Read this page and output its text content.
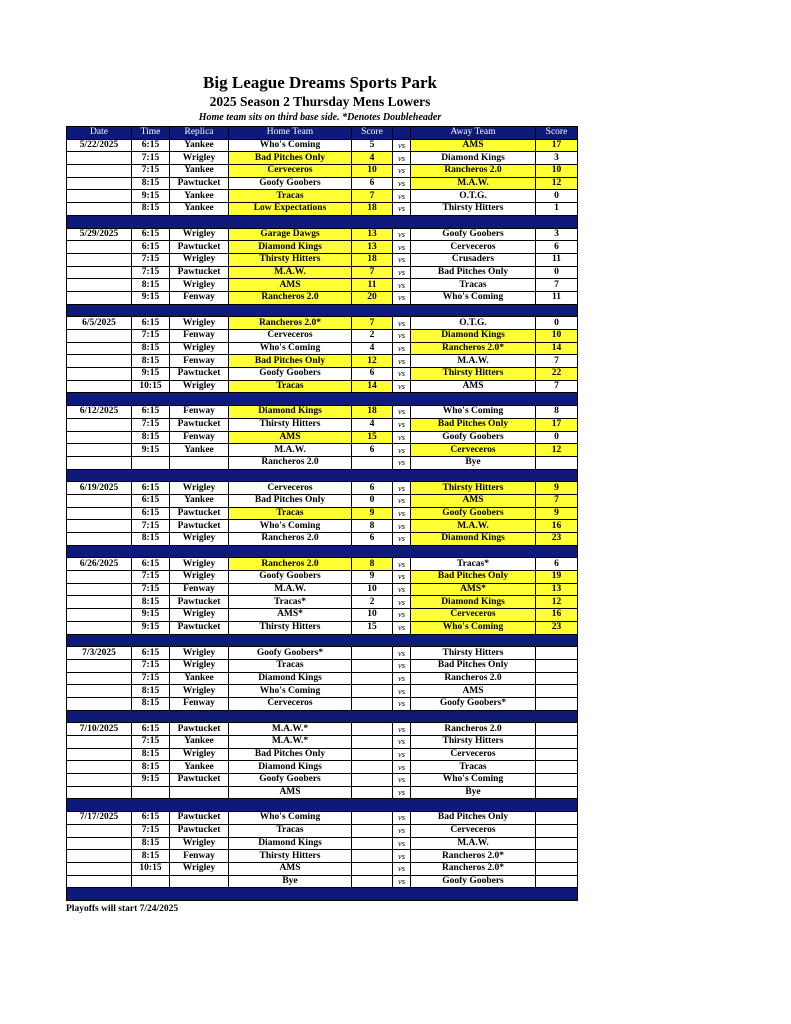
Big League Dreams Sports Park
2025 Season 2 Thursday Mens Lowers
Home team sits on third base side. *Denotes Doubleheader
Date	Time	Replica	Home Team	Score		Away Team	Score
5/22/2025	6:15	Yankee	Who's Coming	5	vs	AMS	17
	7:15	Wrigley	Bad Pitches Only	4	vs	Diamond Kings	3
	7:15	Yankee	Cerveceros	10	vs	Rancheros 2.0	10
	8:15	Pawtucket	Goofy Goobers	6	vs	M.A.W.	12
	9:15	Yankee	Tracas	7	vs	O.T.G.	0
	8:15	Yankee	Low Expectations	18	vs	Thirsty Hitters	1

5/29/2025	6:15	Wrigley	Garage Dawgs	13	vs	Goofy Goobers	3
	6:15	Pawtucket	Diamond Kings	13	vs	Cerveceros	6
	7:15	Wrigley	Thirsty Hitters	18	vs	Crusaders	11
	7:15	Pawtucket	M.A.W.	7	vs	Bad Pitches Only	0
	8:15	Wrigley	AMS	11	vs	Tracas	7
	9:15	Fenway	Rancheros 2.0	20	vs	Who's Coming	11

6/5/2025	6:15	Wrigley	Rancheros 2.0*	7	vs	O.T.G.	0
	7:15	Fenway	Cerveceros	2	vs	Diamond Kings	10
	8:15	Wrigley	Who's Coming	4	vs	Rancheros 2.0*	14
	8:15	Fenway	Bad Pitches Only	12	vs	M.A.W.	7
	9:15	Pawtucket	Goofy Goobers	6	vs	Thirsty Hitters	22
	10:15	Wrigley	Tracas	14	vs	AMS	7

6/12/2025	6:15	Fenway	Diamond Kings	18	vs	Who's Coming	8
	7:15	Pawtucket	Thirsty Hitters	4	vs	Bad Pitches Only	17
	8:15	Fenway	AMS	15	vs	Goofy Goobers	0
	9:15	Yankee	M.A.W.	6	vs	Cerveceros	12
			Rancheros 2.0		vs	Bye	

6/19/2025	6:15	Wrigley	Cerveceros	6	vs	Thirsty Hitters	9
	6:15	Yankee	Bad Pitches Only	0	vs	AMS	7
	6:15	Pawtucket	Tracas	9	vs	Goofy Goobers	9
	7:15	Pawtucket	Who's Coming	8	vs	M.A.W.	16
	8:15	Wrigley	Rancheros 2.0	6	vs	Diamond Kings	23

6/26/2025	6:15	Wrigley	Rancheros 2.0	8	vs	Tracas*	6
	7:15	Wrigley	Goofy Goobers	9	vs	Bad Pitches Only	19
	7:15	Fenway	M.A.W.	10	vs	AMS*	13
	8:15	Pawtucket	Tracas*	2	vs	Diamond Kings	12
	9:15	Wrigley	AMS*	10	vs	Cerveceros	16
	9:15	Pawtucket	Thirsty Hitters	15	vs	Who's Coming	23

7/3/2025	6:15	Wrigley	Goofy Goobers*		vs	Thirsty Hitters	
	7:15	Wrigley	Tracas		vs	Bad Pitches Only	
	7:15	Yankee	Diamond Kings		vs	Rancheros 2.0	
	8:15	Wrigley	Who's Coming		vs	AMS	
	8:15	Fenway	Cerveceros		vs	Goofy Goobers*	

7/10/2025	6:15	Pawtucket	M.A.W.*		vs	Rancheros 2.0	
	7:15	Yankee	M.A.W.*		vs	Thirsty Hitters	
	8:15	Wrigley	Bad Pitches Only		vs	Cerveceros	
	8:15	Yankee	Diamond Kings		vs	Tracas	
	9:15	Pawtucket	Goofy Goobers		vs	Who's Coming	
			AMS		vs	Bye	

7/17/2025	6:15	Pawtucket	Who's Coming		vs	Bad Pitches Only	
	7:15	Pawtucket	Tracas		vs	Cerveceros	
	8:15	Wrigley	Diamond Kings		vs	M.A.W.	
	8:15	Fenway	Thirsty Hitters		vs	Rancheros 2.0*	
	10:15	Wrigley	AMS		vs	Rancheros 2.0*	
			Bye		vs	Goofy Goobers	

Playoffs will start 7/24/2025
